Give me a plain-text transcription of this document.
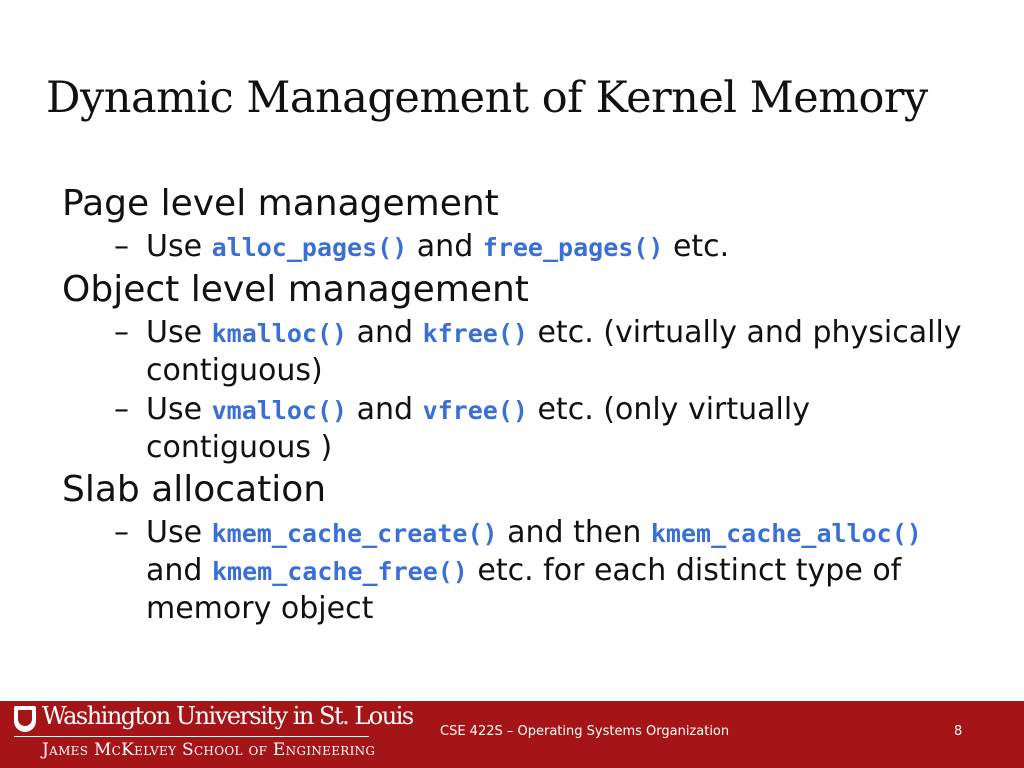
Dynamic Management of Kernel Memory

Page level management

– Use alloc_pages() and free_pages() etc.

Object level management

– Use kmalloc() and kfree() etc. (virtually and physically contiguous)

– Use vmalloc() and vfree() etc. (only virtually contiguous )

Slab allocation

– Use kmem_cache_create() and then kmem_cache_alloc() and kmem_cache_free() etc. for each distinct type of memory object

Washington University in St. Louis
James McKelvey School of Engineering
CSE 422S – Operating Systems Organization	8
